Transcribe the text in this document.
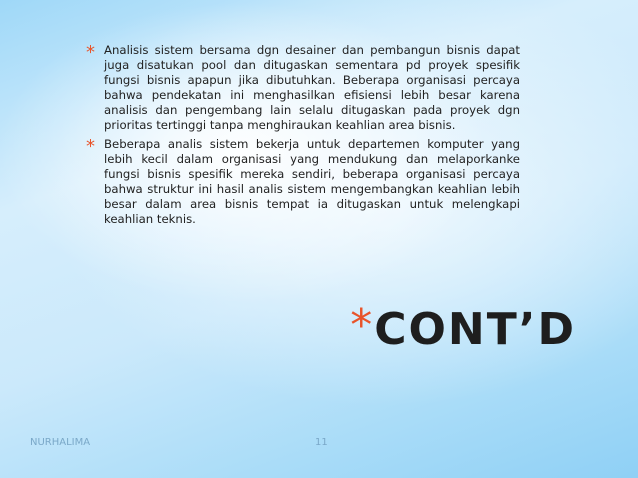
* Analisis sistem bersama dgn desainer dan pembangun bisnis dapat juga disatukan pool dan ditugaskan sementara pd proyek spesifik fungsi bisnis apapun jika dibutuhkan. Beberapa organisasi percaya bahwa pendekatan ini menghasilkan efisiensi lebih besar karena analisis dan pengembang lain selalu ditugaskan pada proyek dgn prioritas tertinggi tanpa menghiraukan keahlian area bisnis.
* Beberapa analis sistem bekerja untuk departemen komputer yang lebih kecil dalam organisasi yang mendukung dan melaporkanke fungsi bisnis spesifik mereka sendiri, beberapa organisasi percaya bahwa struktur ini hasil analis sistem mengembangkan keahlian lebih besar dalam area bisnis tempat ia ditugaskan untuk melengkapi keahlian teknis.
* CONT’D
NURHALIMA	11
